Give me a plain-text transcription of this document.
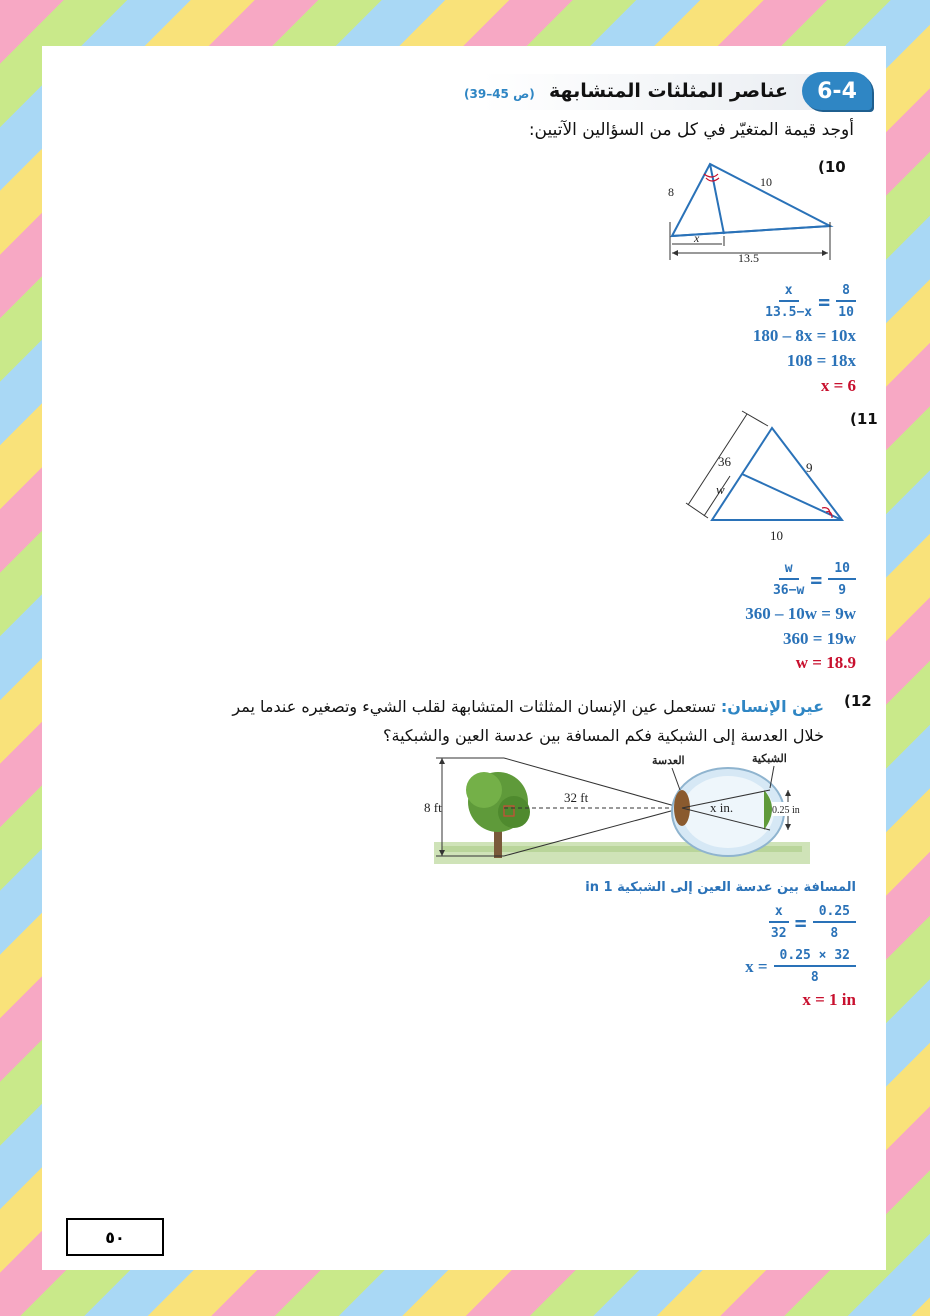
6-4
عناصر المثلثات المتشابهة
(ص 45–39)
أوجد قيمة المتغيّر في كل من السؤالين الآتيين:
(10
8
10
x
13.5
$\frac{x}{13.5-x} = \frac{8}{10}$
180 – 8x = 10x
108 = 18x
x = 6
(11
36
w
9
10
$\frac{w}{36-w} = \frac{10}{9}$
360 – 10w = 9w
360 = 19w
w = 18.9
(12
عين الإنسان: تستعمل عين الإنسان المثلثات المتشابهة لقلب الشيء وتصغيره عندما يمر خلال العدسة إلى الشبكية فكم المسافة بين عدسة العين والشبكية؟
8 ft
32 ft
x in.	0.25 in
العدسة	الشبكية
المسافة بين عدسة العين إلى الشبكية 1 in
$\frac{x}{32} = \frac{0.25}{8}$
$x = \frac{0.25 \times 32}{8}$
x = 1 in
٥٠
